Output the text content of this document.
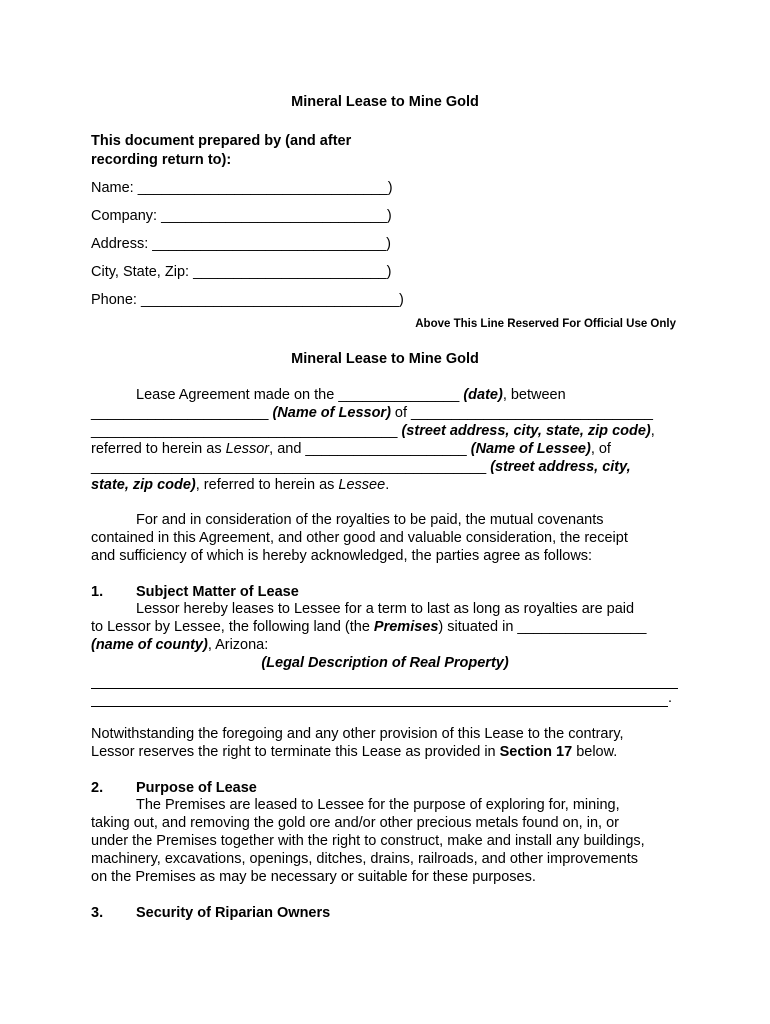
Mineral Lease to Mine Gold
This document prepared by (and after recording return to):
Name: _______________________________)
Company: ____________________________)
Address: _____________________________)
City, State, Zip: ________________________)
Phone: ________________________________)
Above This Line Reserved For Official Use Only
Mineral Lease to Mine Gold
Lease Agreement made on the _______________ (date), between
______________________ (Name of Lessor) of ______________________________
______________________________________ (street address, city, state, zip code),
referred to herein as Lessor, and ____________________ (Name of Lessee), of
_________________________________________________ (street address, city,
state, zip code), referred to herein as Lessee.
For and in consideration of the royalties to be paid, the mutual covenants
contained in this Agreement, and other good and valuable consideration, the receipt
and sufficiency of which is hereby acknowledged, the parties agree as follows:
1. Subject Matter of Lease
Lessor hereby leases to Lessee for a term to last as long as royalties are paid
to Lessor by Lessee, the following land (the Premises) situated in ________________
(name of county), Arizona:
(Legal Description of Real Property)
.
Notwithstanding the foregoing and any other provision of this Lease to the contrary,
Lessor reserves the right to terminate this Lease as provided in Section 17 below.
2. Purpose of Lease
The Premises are leased to Lessee for the purpose of exploring for, mining,
taking out, and removing the gold ore and/or other precious metals found on, in, or
under the Premises together with the right to construct, make and install any buildings,
machinery, excavations, openings, ditches, drains, railroads, and other improvements
on the Premises as may be necessary or suitable for these purposes.
3. Security of Riparian Owners
